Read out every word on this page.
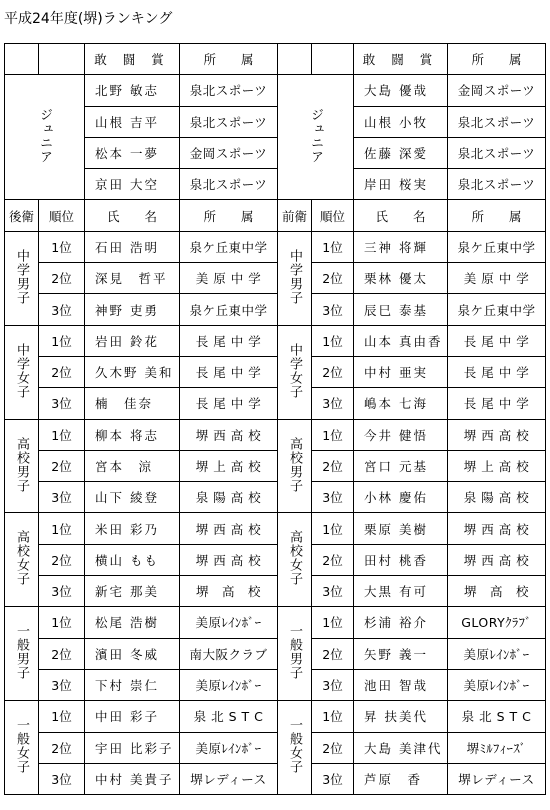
平成24年度(堺)ランキング
		敢 闘 賞	所　　属			敢 闘 賞	所　　属
ジュニア		北野 敏志	泉北スポーツ	ジュニア		大島 優哉	金岡スポーツ
		山根 吉平	泉北スポーツ			山根 小牧	泉北スポーツ
		松本 一夢	金岡スポーツ			佐藤 深愛	泉北スポーツ
		京田 大空	泉北スポーツ			岸田 桜実	泉北スポーツ
後衛	順位	氏　　名	所　　属	前衛	順位	氏　　名	所　　属
中学男子	1位	石田 浩明	泉ケ丘東中学	中学男子	1位	三神 将輝	泉ケ丘東中学
	2位	深見　哲平	美 原 中 学		2位	栗林 優太	美 原 中 学
	3位	神野 吏勇	泉ケ丘東中学		3位	辰巳 泰基	泉ケ丘東中学
中学女子	1位	岩田 鈴花	長 尾 中 学	中学女子	1位	山本 真由香	長 尾 中 学
	2位	久木野 美和	長 尾 中 学		2位	中村 亜実	長 尾 中 学
	3位	楠　佳奈	長 尾 中 学		3位	嶋本 七海	長 尾 中 学
高校男子	1位	柳本 将志	堺 西 高 校	高校男子	1位	今井 健悟	堺 西 高 校
	2位	宮本　涼	堺 上 高 校		2位	宮口 元基	堺 上 高 校
	3位	山下 綾登	泉 陽 高 校		3位	小林 慶佑	泉 陽 高 校
高校女子	1位	米田 彩乃	堺 西 高 校	高校女子	1位	栗原 美樹	堺 西 高 校
	2位	横山 もも	堺 西 高 校		2位	田村 桃香	堺 西 高 校
	3位	新宅 那美	堺　高　校		3位	大黒 有可	堺　高　校
一般男子	1位	松尾 浩樹	美原ﾚｲﾝﾎﾞｰ	一般男子	1位	杉浦 裕介	GLORYｸﾗﾌﾞ
	2位	濱田 冬威	南大阪クラブ		2位	矢野 義一	美原ﾚｲﾝﾎﾞｰ
	3位	下村 崇仁	美原ﾚｲﾝﾎﾞｰ		3位	池田 智哉	美原ﾚｲﾝﾎﾞｰ
一般女子	1位	中田 彩子	泉 北 S T C	一般女子	1位	昇 扶美代	泉 北 S T C
	2位	宇田 比彩子	美原ﾚｲﾝﾎﾞｰ		2位	大島 美津代	堺ﾐﾙﾌｨｰｽﾞ
	3位	中村 美貴子	堺レディース		3位	芦原　香	堺レディース
